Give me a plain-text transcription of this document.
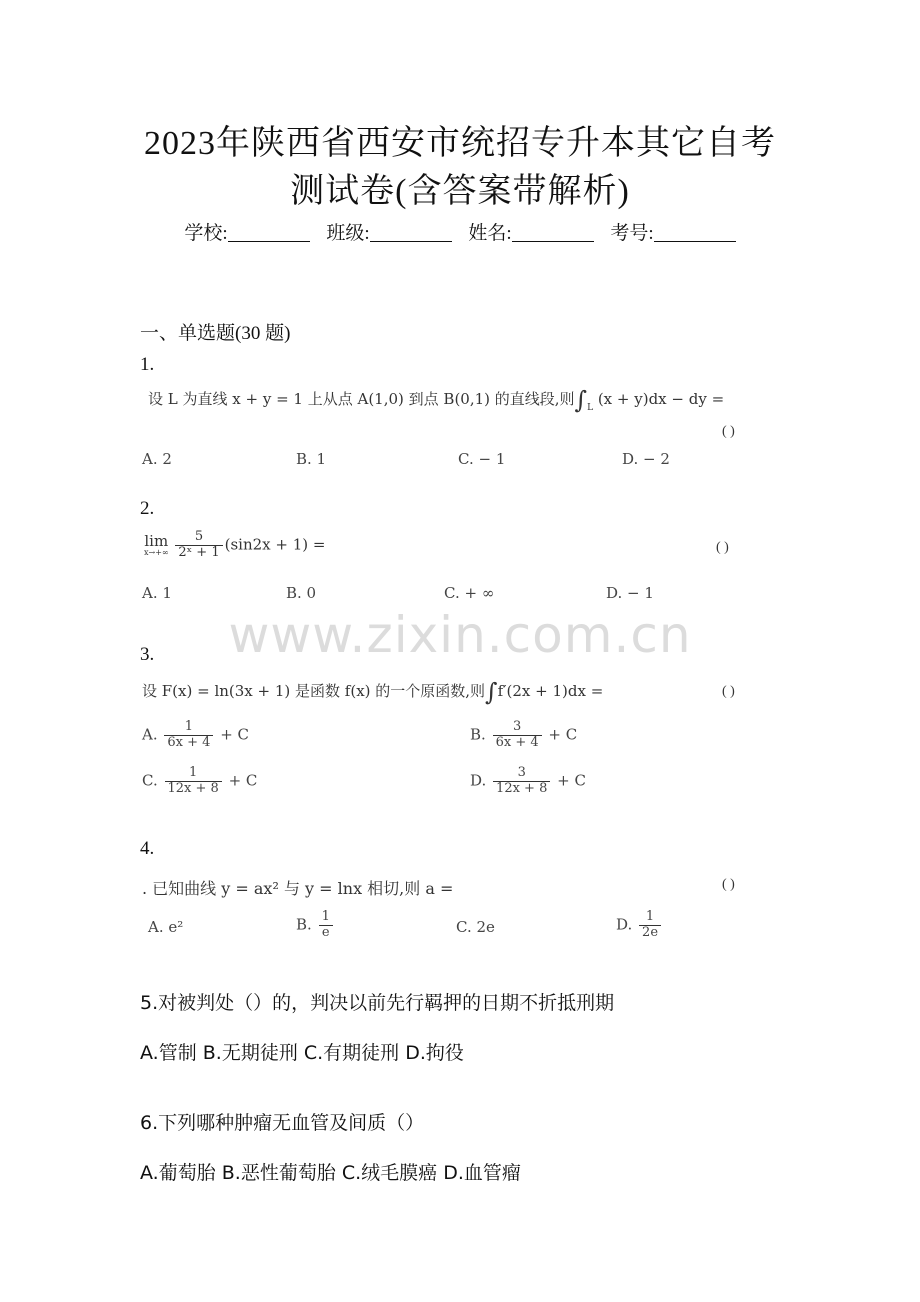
2023年陕西省西安市统招专升本其它自考
测试卷(含答案带解析)
学校:	班级:	姓名:	考号:
一、单选题(30 题)
1.
设 L 为直线 x + y = 1 上从点 A(1,0) 到点 B(0,1) 的直线段,则$\int_L$ (x + y)dx − dy =
( )
A. 2	B. 1	C. − 1	D. − 2
2.
lim
x→+∞
$\frac{5}{\text{2ˣ + 1}} (\sin 2x + 1)$ =	( )
A. 1	B. 0	C. + ∞	D. − 1
www.zixin.com.cn
3.
设 F(x) = ln(3x + 1) 是函数 f(x) 的一个原函数,则∫f′(2x + 1)dx =	( )
A. $\frac{1}{6x + 4} + C$	B. $\frac{3}{6x + 4} + C$
C. $\frac{1}{12x + 8} + C$	D. $\frac{3}{12x + 8} + C$
4.
. 已知曲线 y = ax² 与 y = lnx 相切,则 a =	( )
A. e²	B. $\frac{1}{e}$	C. 2e	D. $\frac{1}{2e}$
5.对被判处（）的，判决以前先行羁押的日期不折抵刑期
A.管制 B.无期徒刑 C.有期徒刑 D.拘役
6.下列哪种肿瘤无血管及间质（）
A.葡萄胎 B.恶性葡萄胎 C.绒毛膜癌 D.血管瘤
